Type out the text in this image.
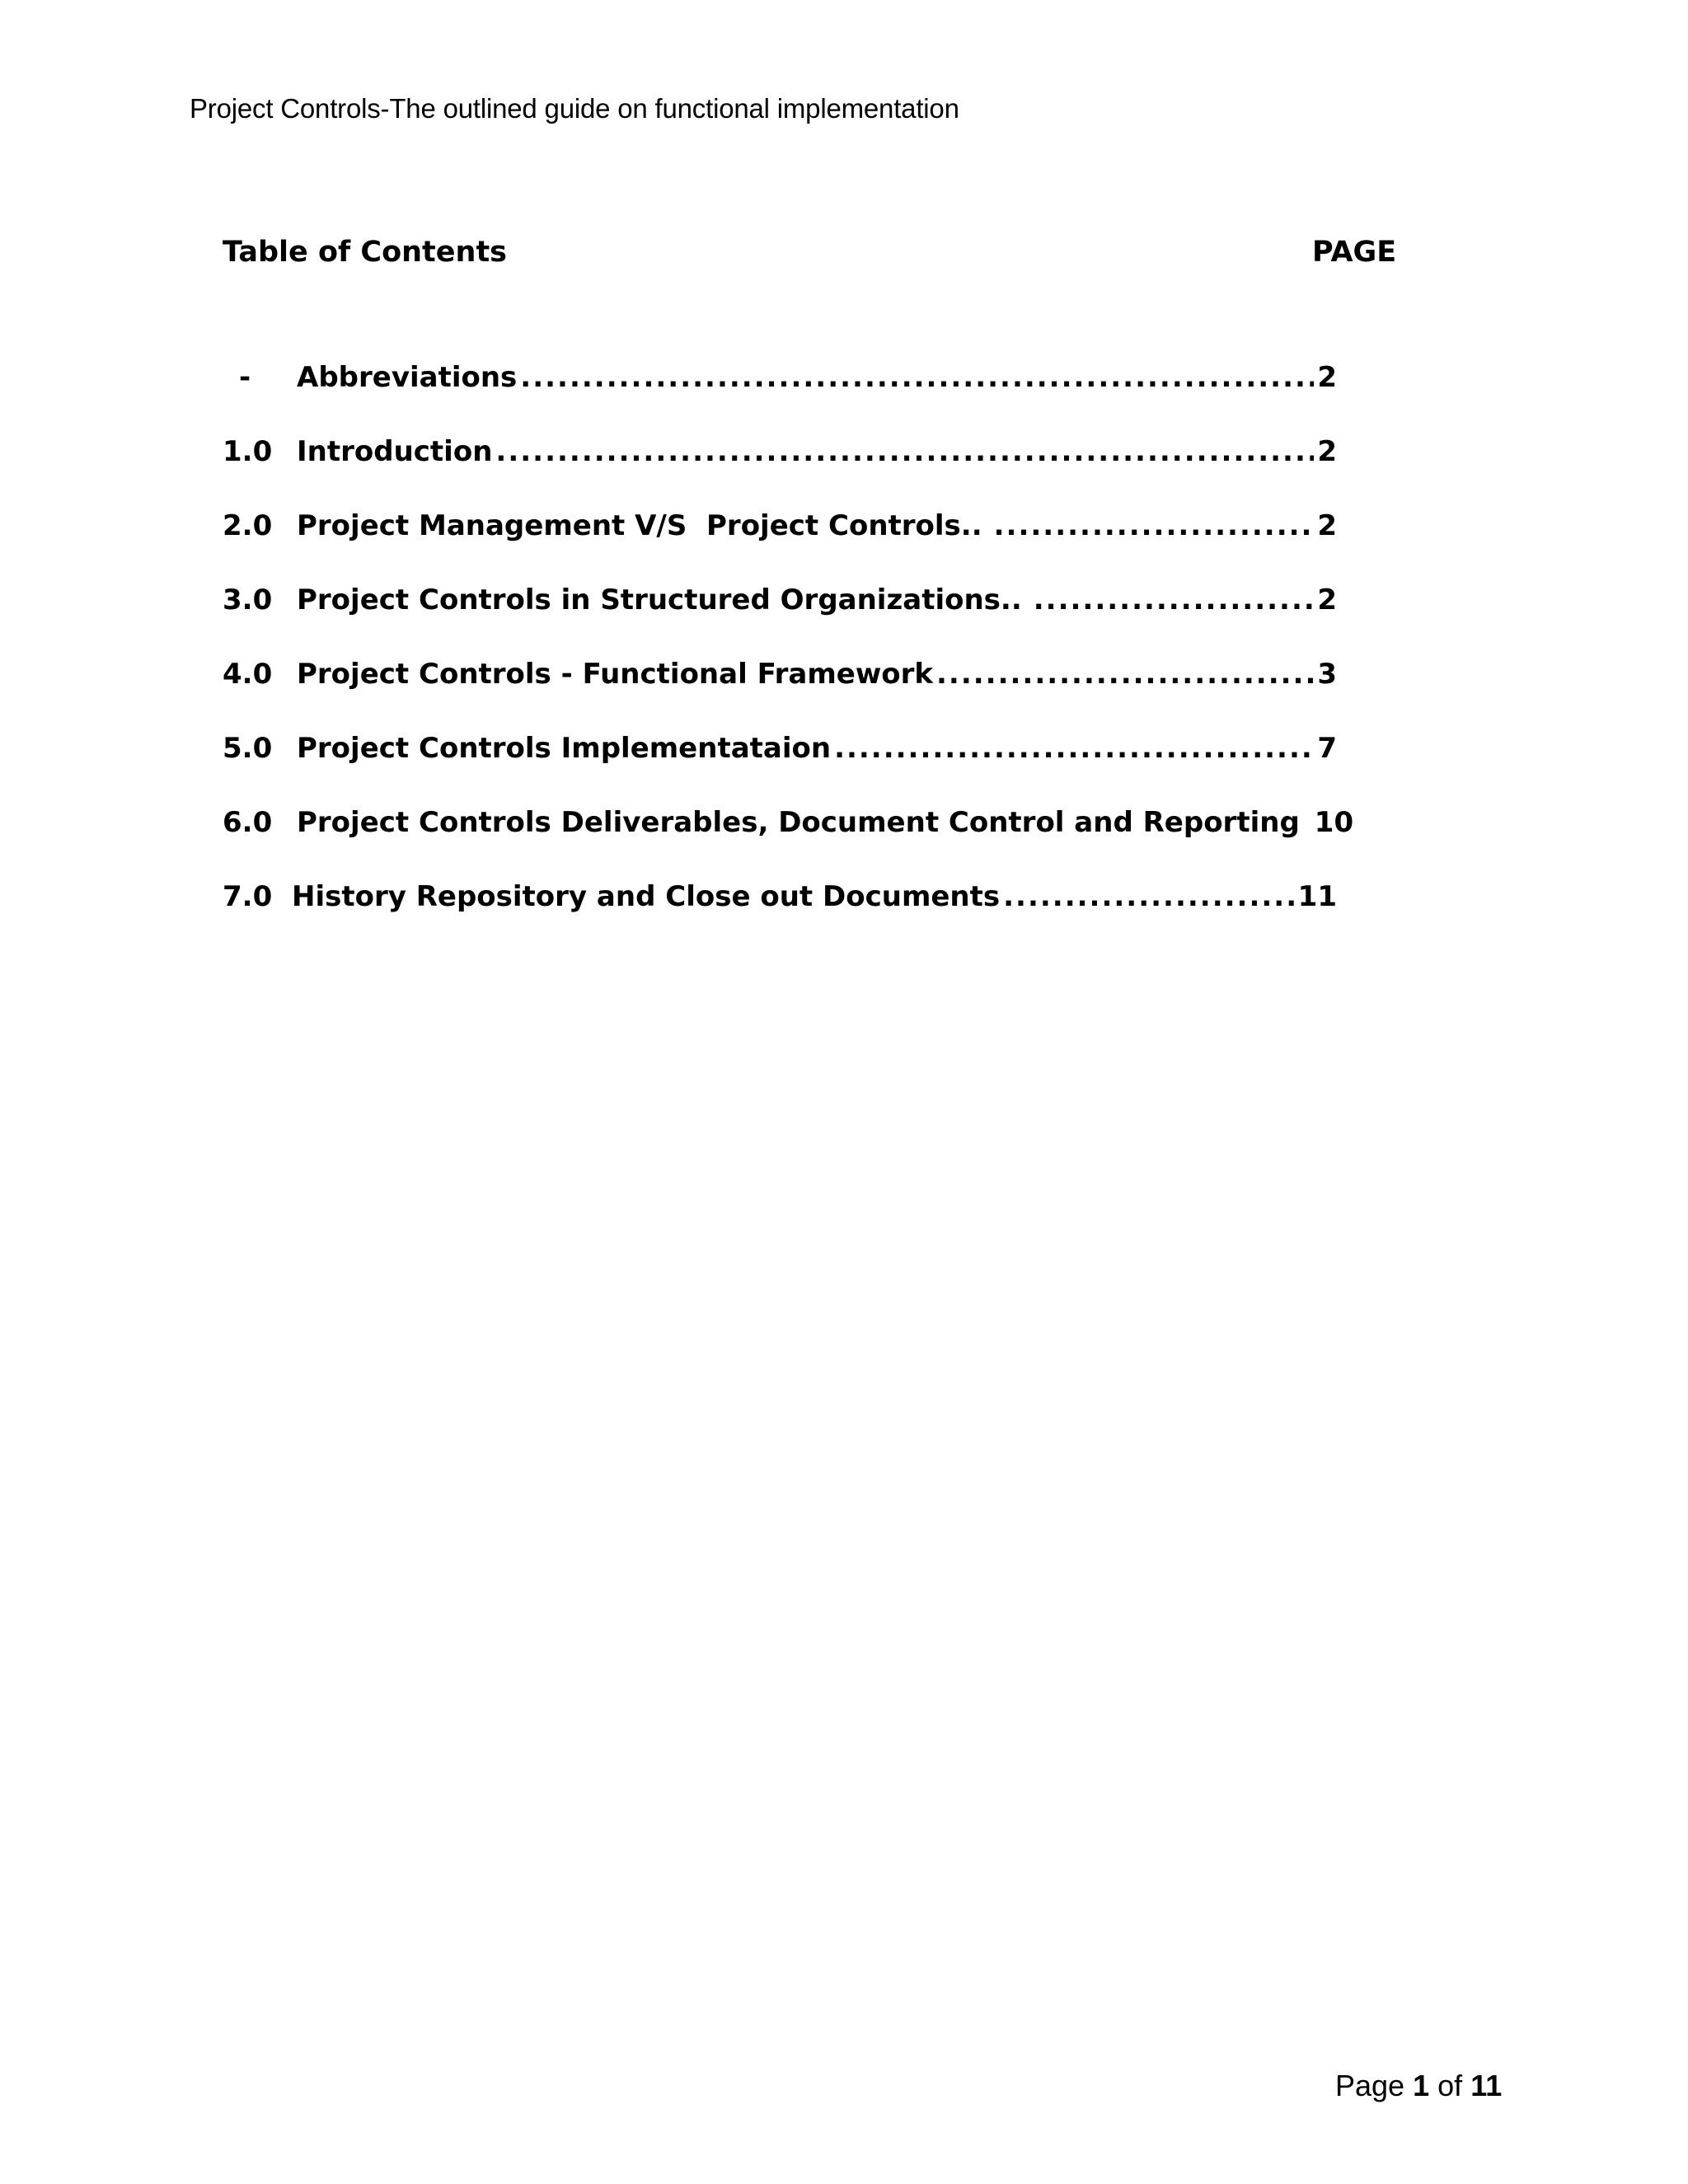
Project Controls-The outlined guide on functional implementation
Table of Contents	PAGE
-	Abbreviations .....	2
1.0 Introduction .....	2
2.0 Project Management V/S  Project Controls.. .....	2
3.0 Project Controls in Structured Organizations.. .....	2
4.0 Project Controls - Functional Framework .....	3
5.0 Project Controls Implementataion .....	7
6.0 Project Controls Deliverables, Document Control and Reporting 10
7.0 History Repository and Close out Documents .....	11
Page 1 of 11
